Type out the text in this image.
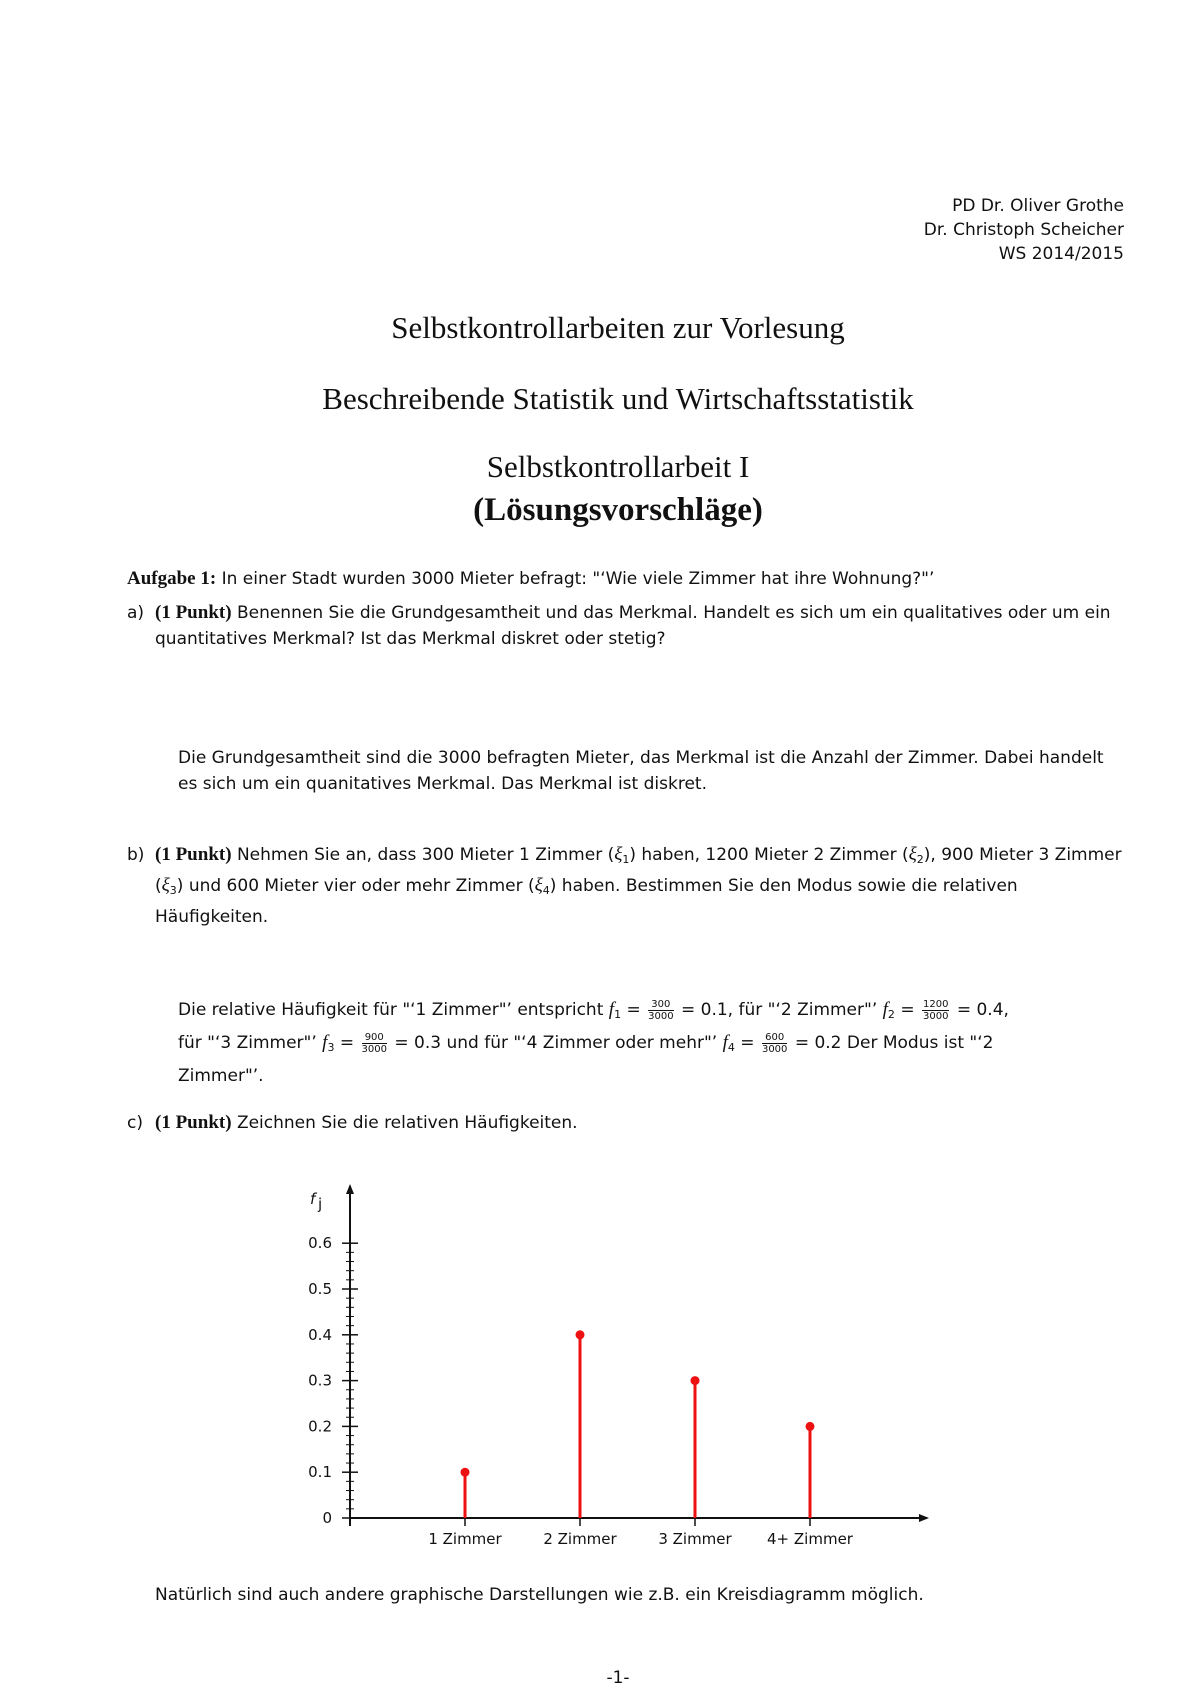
PD Dr. Oliver Grothe
Dr. Christoph Scheicher
WS 2014/2015
Selbstkontrollarbeiten zur Vorlesung
Beschreibende Statistik und Wirtschaftsstatistik
Selbstkontrollarbeit I
(Lösungsvorschläge)
Aufgabe 1: In einer Stadt wurden 3000 Mieter befragt: "‘Wie viele Zimmer hat ihre Wohnung?"’
a) (1 Punkt) Benennen Sie die Grundgesamtheit und das Merkmal. Handelt es sich um ein qualitatives oder um ein quantitatives Merkmal? Ist das Merkmal diskret oder stetig?
Die Grundgesamtheit sind die 3000 befragten Mieter, das Merkmal ist die Anzahl der Zimmer. Dabei handelt es sich um ein quanitatives Merkmal. Das Merkmal ist diskret.
b) (1 Punkt) Nehmen Sie an, dass 300 Mieter 1 Zimmer $(\xi_1)$ haben, 1200 Mieter 2 Zimmer $(\xi_2)$, 900 Mieter 3 Zimmer $(\xi_3)$ und 600 Mieter vier oder mehr Zimmer $(\xi_4)$ haben. Bestimmen Sie den Modus sowie die relativen Häufigkeiten.
Die relative Häufigkeit für "‘1 Zimmer"’ entspricht $f_1 = \frac{300}{3000} = 0.1$, für "‘2 Zimmer"’ $f_2 = \frac{1200}{3000} = 0.4$,
für "‘3 Zimmer"’ $f_3 = \frac{900}{3000} = 0.3$ und für "‘4 Zimmer oder mehr"’ $f_4 = \frac{600}{3000} = 0.2$ Der Modus ist "‘2
Zimmer"’.
c) (1 Punkt) Zeichnen Sie die relativen Häufigkeiten.
f j
0
0.1
0.2
0.3
0.4
0.5
0.6
1 Zimmer	2 Zimmer	3 Zimmer 4+ Zimmer
Natürlich sind auch andere graphische Darstellungen wie z.B. ein Kreisdiagramm möglich.
-1-
